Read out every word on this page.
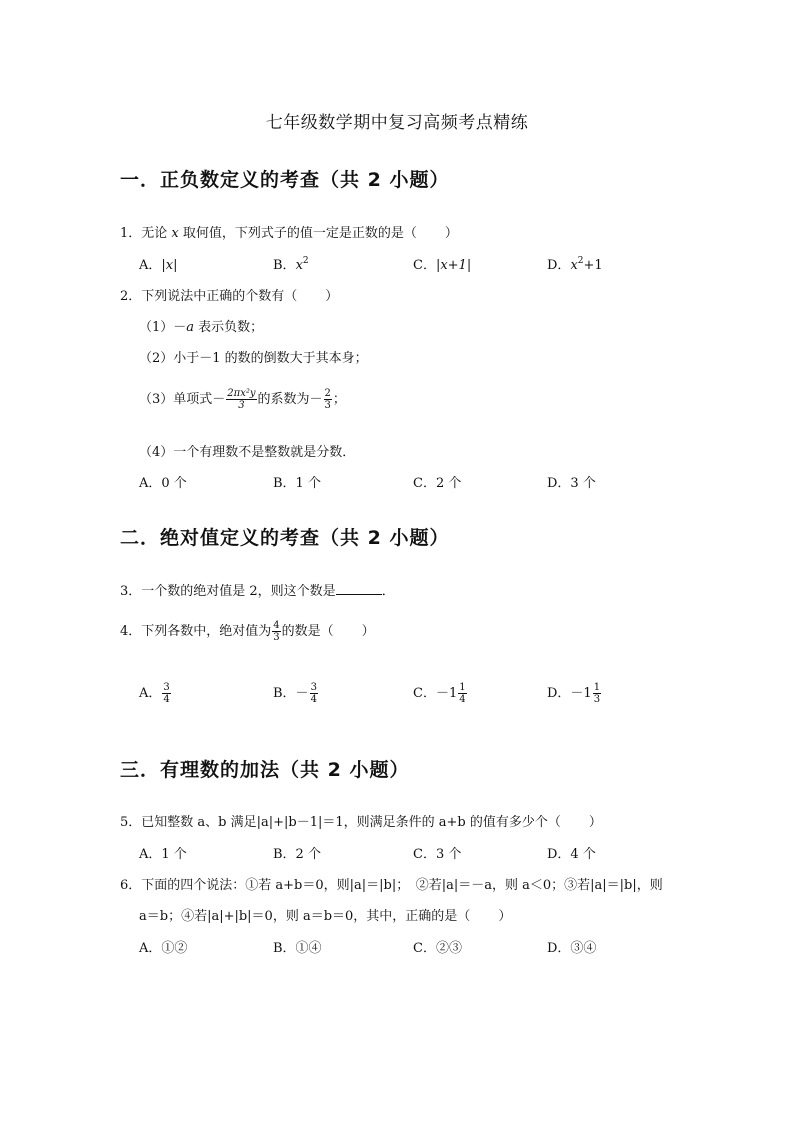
七年级数学期中复习高频考点精练
一．正负数定义的考查（共 2 小题）
1．无论 x 取何值，下列式子的值一定是正数的是（ ）
A．|x|	B．$x^2$	C．|x+1|	D．$x^2+1$
2．下列说法中正确的个数有（ ）
（1）－a 表示负数；
（2）小于－1 的数的倒数大于其本身；
（3）单项式－ $\frac{\text{2πx²y}}{3}$ 的系数为－ $\frac{2}{3}$ ；
（4）一个有理数不是整数就是分数．
A．0 个	B．1 个	C．2 个	D．3 个
二．绝对值定义的考查（共 2 小题）
3．一个数的绝对值是 2，则这个数是	．
4．下列各数中，绝对值为 $\frac{4}{3}$ 的数是（ ）
A． $\frac{3}{4}$	B．－ $\frac{3}{4}$	C．$-1 \frac{1}{4}$	D．$-1 \frac{1}{3}$
三．有理数的加法（共 2 小题）
5．已知整数 a、b 满足|a|+|b－1|＝1，则满足条件的 a+b 的值有多少个（ ）
A．1 个	B．2 个	C．3 个	D．4 个
6．下面的四个说法：①若 a+b＝0，则|a|＝|b|；　②若|a|＝－a，则 a＜0；③若|a|＝|b|，则
a＝b；④若|a|+|b|＝0，则 a＝b＝0，其中，正确的是（ ）
A．①②	B．①④	C．②③	D．③④
